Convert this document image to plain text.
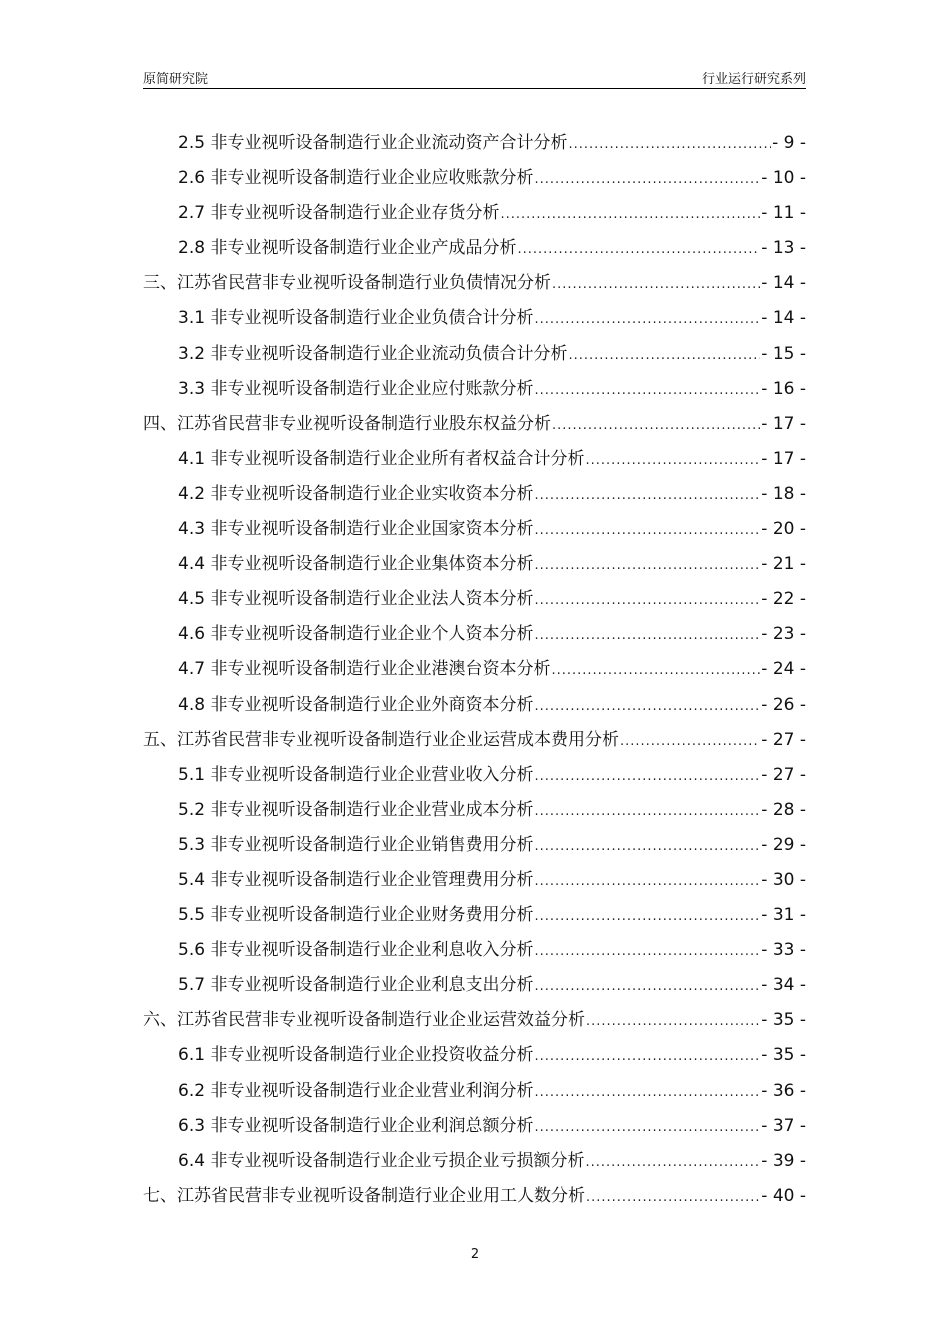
原简研究院	行业运行研究系列
2.5 非专业视听设备制造行业企业流动资产合计分析 .....	- 9 -
2.6 非专业视听设备制造行业企业应收账款分析 .....	- 10 -
2.7 非专业视听设备制造行业企业存货分析 .....	- 11 -
2.8 非专业视听设备制造行业企业产成品分析 .....	- 13 -
三、江苏省民营非专业视听设备制造行业负债情况分析 .....	- 14 -
3.1 非专业视听设备制造行业企业负债合计分析 .....	- 14 -
3.2 非专业视听设备制造行业企业流动负债合计分析 .....	- 15 -
3.3 非专业视听设备制造行业企业应付账款分析 .....	- 16 -
四、江苏省民营非专业视听设备制造行业股东权益分析 .....	- 17 -
4.1 非专业视听设备制造行业企业所有者权益合计分析 .....	- 17 -
4.2 非专业视听设备制造行业企业实收资本分析 .....	- 18 -
4.3 非专业视听设备制造行业企业国家资本分析 .....	- 20 -
4.4 非专业视听设备制造行业企业集体资本分析 .....	- 21 -
4.5 非专业视听设备制造行业企业法人资本分析 .....	- 22 -
4.6 非专业视听设备制造行业企业个人资本分析 .....	- 23 -
4.7 非专业视听设备制造行业企业港澳台资本分析 .....	- 24 -
4.8 非专业视听设备制造行业企业外商资本分析 .....	- 26 -
五、江苏省民营非专业视听设备制造行业企业运营成本费用分析 .....	- 27 -
5.1 非专业视听设备制造行业企业营业收入分析 .....	- 27 -
5.2 非专业视听设备制造行业企业营业成本分析 .....	- 28 -
5.3 非专业视听设备制造行业企业销售费用分析 .....	- 29 -
5.4 非专业视听设备制造行业企业管理费用分析 .....	- 30 -
5.5 非专业视听设备制造行业企业财务费用分析 .....	- 31 -
5.6 非专业视听设备制造行业企业利息收入分析 .....	- 33 -
5.7 非专业视听设备制造行业企业利息支出分析 .....	- 34 -
六、江苏省民营非专业视听设备制造行业企业运营效益分析 .....	- 35 -
6.1 非专业视听设备制造行业企业投资收益分析 .....	- 35 -
6.2 非专业视听设备制造行业企业营业利润分析 .....	- 36 -
6.3 非专业视听设备制造行业企业利润总额分析 .....	- 37 -
6.4 非专业视听设备制造行业企业亏损企业亏损额分析 .....	- 39 -
七、江苏省民营非专业视听设备制造行业企业用工人数分析 .....	- 40 -
2
